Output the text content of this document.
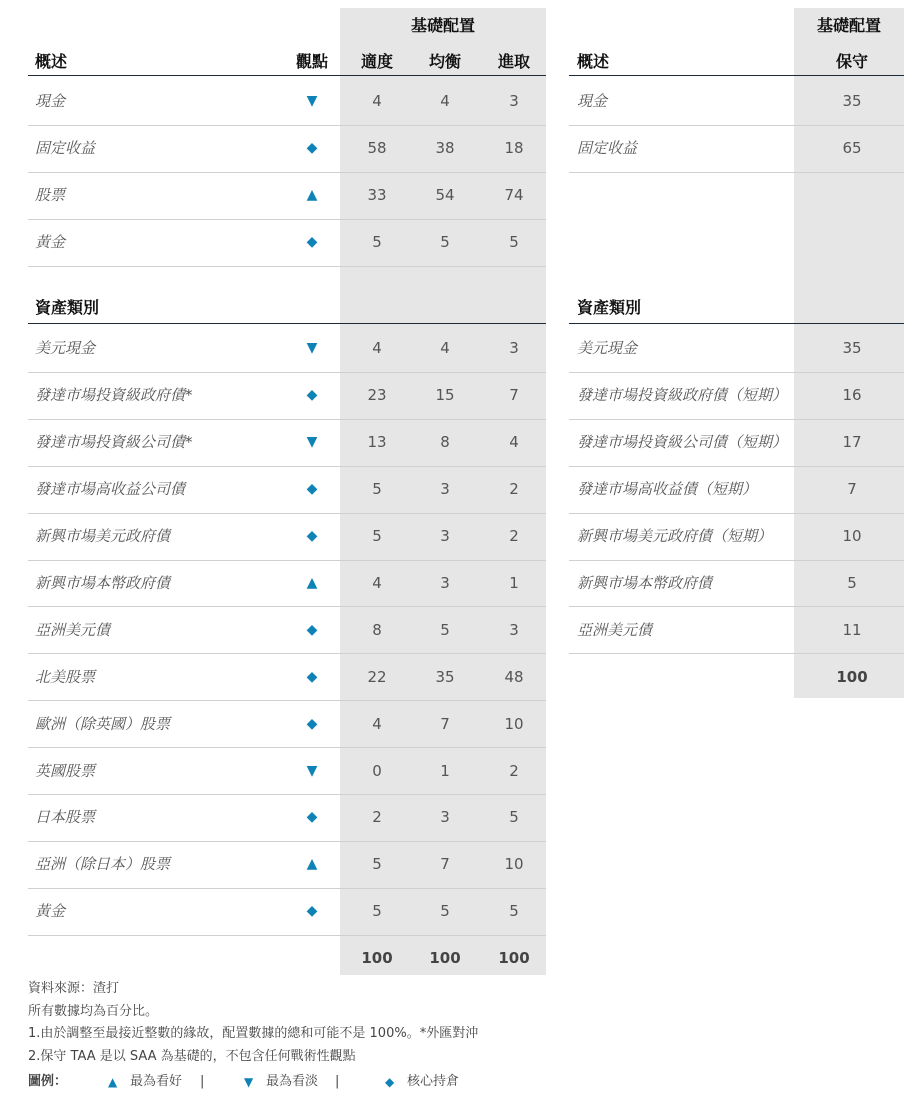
基礎配置
概述	觀點	適度	均衡	進取
基礎配置
概述	保守
現金	▼	4	4	3
固定收益	◆	58	38	18
股票	▲	33	54	74
黃金	◆	5	5	5
資產類別
美元現金	▼	4	4	3
發達市場投資級政府債*	◆	23	15	7
發達市場投資級公司債*	▼	13	8	4
發達市場高收益公司債	◆	5	3	2
新興市場美元政府債	◆	5	3	2
新興市場本幣政府債	▲	4	3	1
亞洲美元債	◆	8	5	3
北美股票	◆	22	35	48
歐洲（除英國）股票	◆	4	7	10
英國股票	▼	0	1	2
日本股票	◆	2	3	5
亞洲（除日本）股票	▲	5	7	10
黃金	◆	5	5	5
100	100	100
現金	35
固定收益	65
資產類別
美元現金	35
發達市場投資級政府債（短期）	16
發達市場投資級公司債（短期）	17
發達市場高收益債（短期）	7
新興市場美元政府債（短期）	10
新興市場本幣政府債	5
亞洲美元債	11
100
資料來源：渣打
所有數據均為百分比。
1.由於調整至最接近整數的緣故，配置數據的總和可能不是 100%。*外匯對沖
2.保守 TAA 是以 SAA 為基礎的，不包含任何戰術性觀點
圖例：	▲ 最為看好	▼ 最為看淡	◆ 核心持倉
|	|
